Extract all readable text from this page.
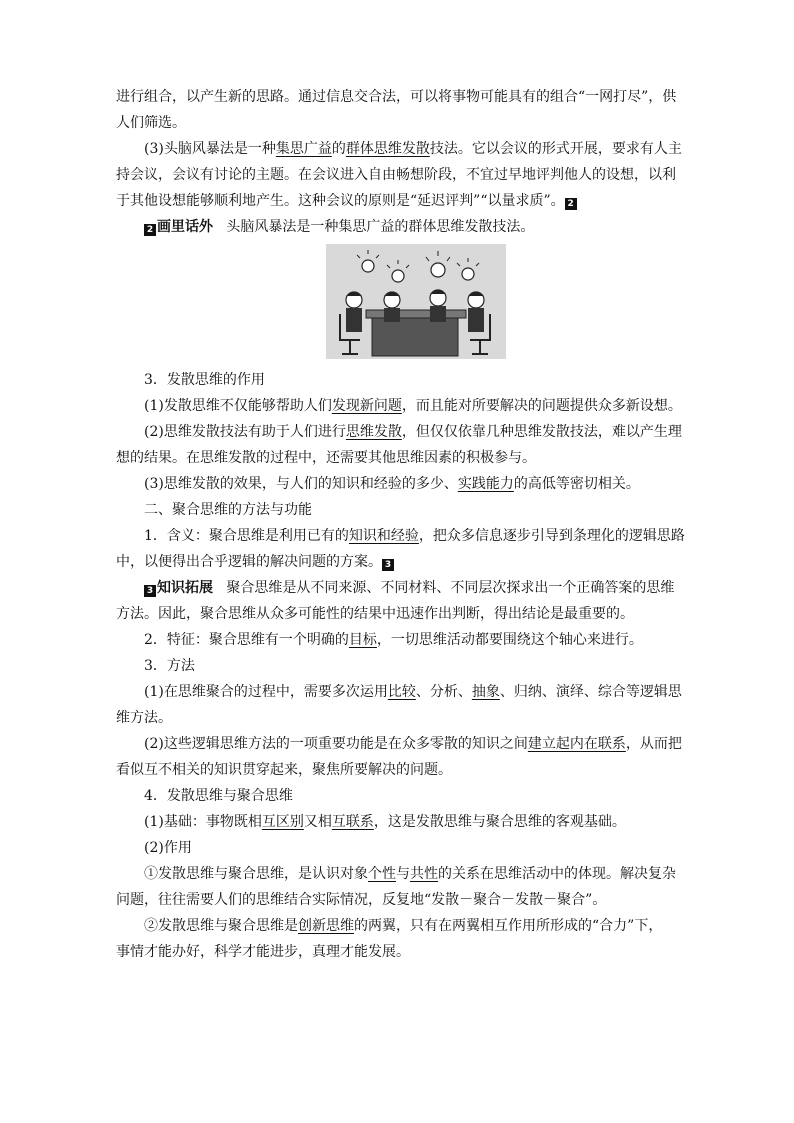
进行组合，以产生新的思路。通过信息交合法，可以将事物可能具有的组合“一网打尽”，供

人们筛选。

(3)头脑风暴法是一种集思广益的群体思维发散技法。它以会议的形式开展，要求有人主

持会议，会议有讨论的主题。在会议进入自由畅想阶段，不宜过早地评判他人的设想，以利

于其他设想能够顺利地产生。这种会议的原则是“延迟评判”“以量求质”。 2

2 画里话外 头脑风暴法是一种集思广益的群体思维发散技法。

3．发散思维的作用

(1)发散思维不仅能够帮助人们发现新问题，而且能对所要解决的问题提供众多新设想。

(2)思维发散技法有助于人们进行思维发散，但仅仅依靠几种思维发散技法，难以产生理

想的结果。在思维发散的过程中，还需要其他思维因素的积极参与。

(3)思维发散的效果，与人们的知识和经验的多少、实践能力的高低等密切相关。

二、聚合思维的方法与功能

1．含义：聚合思维是利用已有的知识和经验，把众多信息逐步引导到条理化的逻辑思路

中，以便得出合乎逻辑的解决问题的方案。 3

3 知识拓展 聚合思维是从不同来源、不同材料、不同层次探求出一个正确答案的思维

方法。因此，聚合思维从众多可能性的结果中迅速作出判断，得出结论是最重要的。

2．特征：聚合思维有一个明确的目标，一切思维活动都要围绕这个轴心来进行。

3．方法

(1)在思维聚合的过程中，需要多次运用比较、分析、抽象、归纳、演绎、综合等逻辑思

维方法。

(2)这些逻辑思维方法的一项重要功能是在众多零散的知识之间建立起内在联系，从而把

看似互不相关的知识贯穿起来，聚焦所要解决的问题。

4．发散思维与聚合思维

(1)基础：事物既相互区别又相互联系，这是发散思维与聚合思维的客观基础。

(2)作用

①发散思维与聚合思维，是认识对象个性与共性的关系在思维活动中的体现。解决复杂

问题，往往需要人们的思维结合实际情况，反复地“发散－聚合－发散－聚合”。

②发散思维与聚合思维是创新思维的两翼，只有在两翼相互作用所形成的“合力”下，

事情才能办好，科学才能进步，真理才能发展。
